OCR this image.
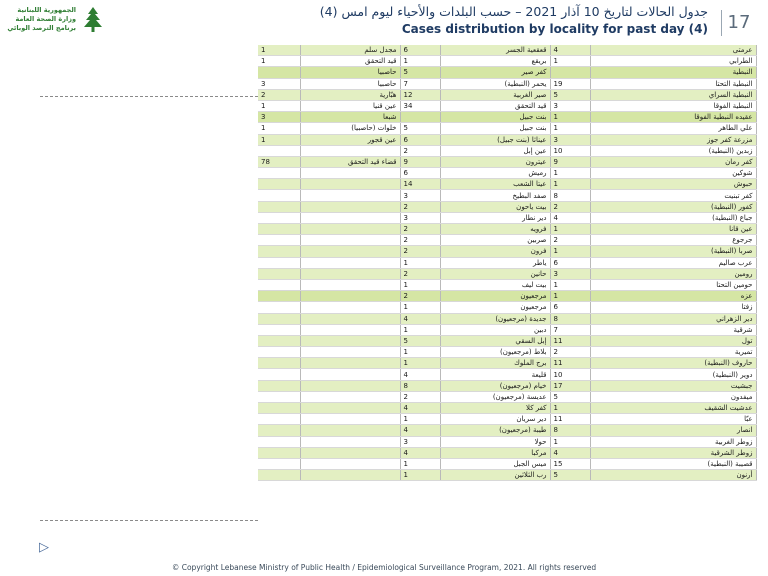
الجمهورية اللبنانية
وزارة الصحة العامة
برنامج الترصد الوبائي
جدول الحالات لتاريخ 10 آذار 2021 – حسب البلدات والأحياء ليوم امس (4)
Cases distribution by locality for past day (4)	17
▷
1	مجدل سلم	6	قعقعية الجسر	4	عرمتى
1	قيد التحقق	1	بريقع	1	الطرابي
	حاصبيا	5	كفر صير		النبطية
3	حاصبيا	7	يحمر (النبطية)	19	النبطية التحتا
2	هبّارية	12	صير الغربية	5	النبطية السراي
1	عين قنيا	34	قيد التحقق	3	النبطية الفوقا
3	شبعا		بنت جبيل	1	عقيده النبطية الفوقا
1	خلوات (حاصبيا)	5	بنت جبيل	1	علي الطاهر
1	عين قجور	6	عيناثا (بنت جبيل)	3	مزرعة كفر جوز
		2	عين إبل	10	زبدين (النبطية)
78	قضاء قيد التحقق	9	عيترون	9	كفر رمان
		6	رميش	1	شوكين
		14	عيتا الشعب	1	حبوش
		3	صفد البطيخ	8	كفر تبنيت
		2	بيت ياحون	2	كفور (النبطية)
		3	دير نطار	4	جباع (النبطية)
		2	فرويه	1	عين قانا
		2	صربين	2	جرجوع
		2	فرون	1	صربا (النبطية)
		1	ياطر	6	عرب صاليم
		2	حانين	3	رومين
		1	بيت ليف	1	حومين التحتا
		2	مرجعيون	1	عزه
		1	مرجعيون	6	زفتا
		4	جديدة (مرجعيون)	8	دير الزهراني
		1	دبين	7	شرقية
		5	إبل السقي	11	تول
		1	بلاط (مرجعيون)	2	تميرية
		1	برج الملوك	11	حاروف (النبطية)
		4	قليعة	10	دوير (النبطية)
		8	خيام (مرجعيون)	17	جبشيت
		2	عديسة (مرجعيون)	5	ميفدون
		4	كفر كلا	1	عدشيت الشقيف
		1	دير سريان	11	عبّا
		4	طيبة (مرجعيون)	8	انصار
		3	حولا	1	زوطر الغربية
		4	مركبا	4	زوطر الشرقية
		1	ميس الجبل	15	قصيبة (النبطية)
		1	رب الثلاثين	5	أرنون
© Copyright Lebanese Ministry of Public Health / Epidemiological Surveillance Program, 2021. All rights reserved
